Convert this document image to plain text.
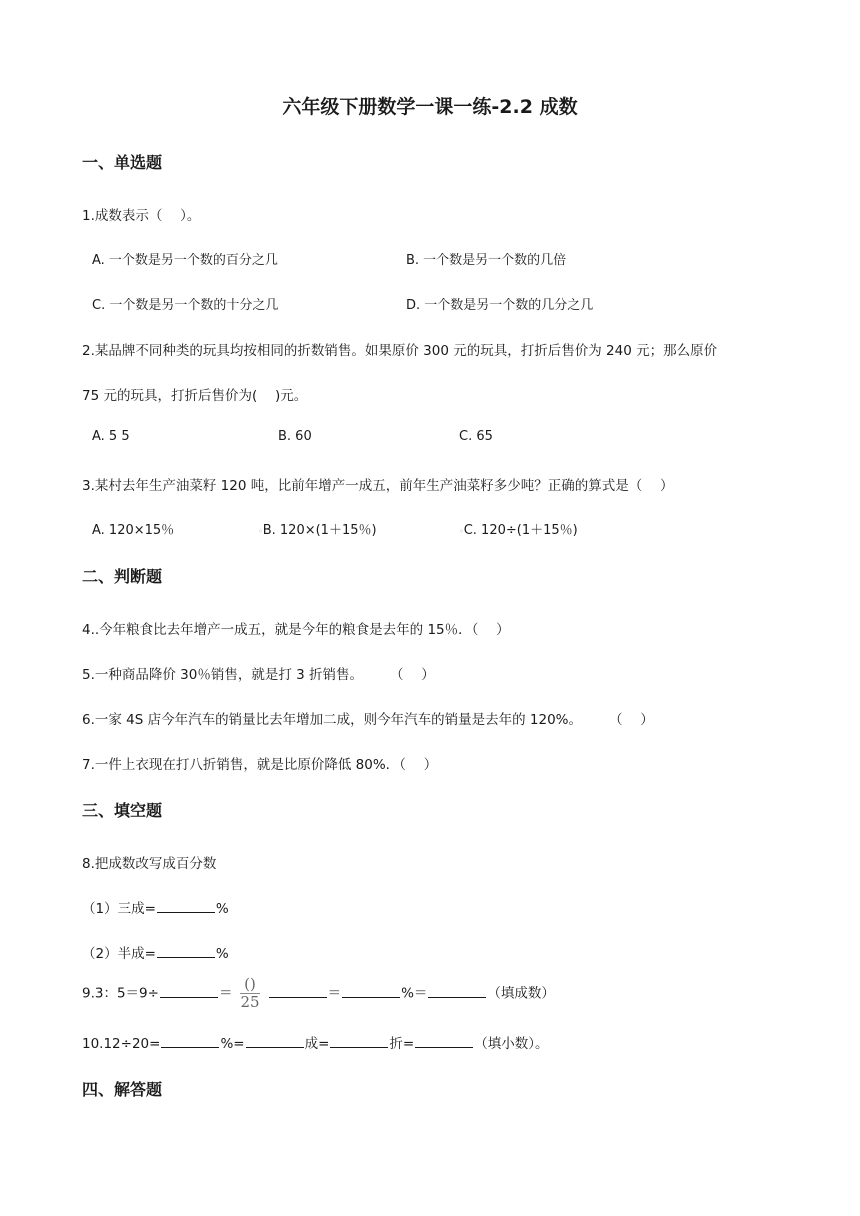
六年级下册数学一课一练-2.2 成数
一、单选题
1.成数表示（　 ）。
A. 一个数是另一个数的百分之几	B. 一个数是另一个数的几倍
C. 一个数是另一个数的十分之几	D. 一个数是另一个数的几分之几
2.某品牌不同种类的玩具均按相同的折数销售。如果原价 300 元的玩具，打折后售价为 240 元；那么原价
75 元的玩具，打折后售价为(　 )元。
A. 5 5	B. 60	C. 65
3.某村去年生产油菜籽 120 吨，比前年增产一成五，前年生产油菜籽多少吨？正确的算式是（　 ）
A. 120×15％	◦B. 120×(1＋15％)	◦C. 120÷(1＋15％)
二、判断题
4..今年粮食比去年增产一成五，就是今年的粮食是去年的 15％．（　 ）
5.一种商品降价 30％销售，就是打 3 折销售。　　　（　 ）
6.一家 4S 店今年汽车的销量比去年增加二成，则今年汽车的销量是去年的 120%。　　　（　 ）
7.一件上衣现在打八折销售，就是比原价降低 80%．（　 ）
三、填空题
8.把成数改写成百分数
（1）三成=	%
（2）半成=	%
9.3：5＝9÷	＝ $\frac{()}{25}$	＝	%＝	（填成数）
10.12÷20=	%=	成=	折=	（填小数）。
四、解答题
